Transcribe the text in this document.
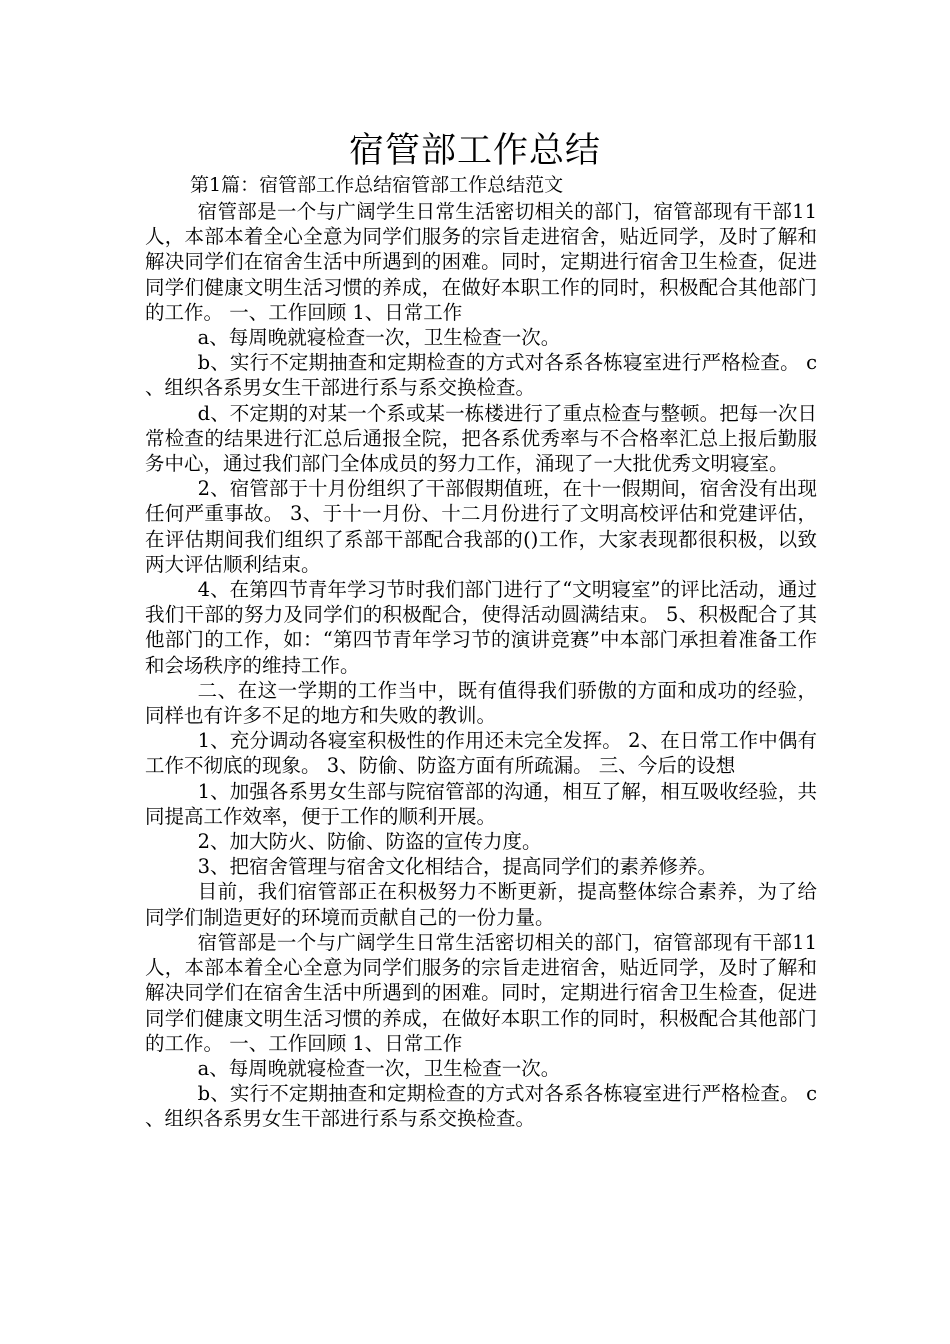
宿管部工作总结
第1篇：宿管部工作总结宿管部工作总结范文

宿管部是一个与广阔学生日常生活密切相关的部门，宿管部现有干部11人，本部本着全心全意为同学们服务的宗旨走进宿舍，贴近同学，及时了解和解决同学们在宿舍生活中所遇到的困难。同时，定期进行宿舍卫生检查，促进同学们健康文明生活习惯的养成，在做好本职工作的同时，积极配合其他部门的工作。 一、工作回顾 1、日常工作

a、每周晚就寝检查一次，卫生检查一次。

b、实行不定期抽查和定期检查的方式对各系各栋寝室进行严格检查。 c、组织各系男女生干部进行系与系交换检查。

d、不定期的对某一个系或某一栋楼进行了重点检查与整顿。把每一次日常检查的结果进行汇总后通报全院，把各系优秀率与不合格率汇总上报后勤服务中心，通过我们部门全体成员的努力工作，涌现了一大批优秀文明寝室。

2、宿管部于十月份组织了干部假期值班，在十一假期间，宿舍没有出现任何严重事故。 3、于十一月份、十二月份进行了文明高校评估和党建评估，在评估期间我们组织了系部干部配合我部的()工作，大家表现都很积极，以致两大评估顺利结束。

4、在第四节青年学习节时我们部门进行了“文明寝室”的评比活动，通过我们干部的努力及同学们的积极配合，使得活动圆满结束。 5、积极配合了其他部门的工作，如：“第四节青年学习节的演讲竞赛”中本部门承担着准备工作和会场秩序的维持工作。

二、在这一学期的工作当中，既有值得我们骄傲的方面和成功的经验，同样也有许多不足的地方和失败的教训。

1、充分调动各寝室积极性的作用还未完全发挥。 2、在日常工作中偶有工作不彻底的现象。 3、防偷、防盗方面有所疏漏。 三、今后的设想

1、加强各系男女生部与院宿管部的沟通，相互了解，相互吸收经验，共同提高工作效率，便于工作的顺利开展。

2、加大防火、防偷、防盗的宣传力度。

3、把宿舍管理与宿舍文化相结合，提高同学们的素养修养。

目前，我们宿管部正在积极努力不断更新，提高整体综合素养，为了给同学们制造更好的环境而贡献自己的一份力量。

宿管部是一个与广阔学生日常生活密切相关的部门，宿管部现有干部11人，本部本着全心全意为同学们服务的宗旨走进宿舍，贴近同学，及时了解和解决同学们在宿舍生活中所遇到的困难。同时，定期进行宿舍卫生检查，促进同学们健康文明生活习惯的养成，在做好本职工作的同时，积极配合其他部门的工作。 一、工作回顾 1、日常工作

a、每周晚就寝检查一次，卫生检查一次。

b、实行不定期抽查和定期检查的方式对各系各栋寝室进行严格检查。 c、组织各系男女生干部进行系与系交换检查。
